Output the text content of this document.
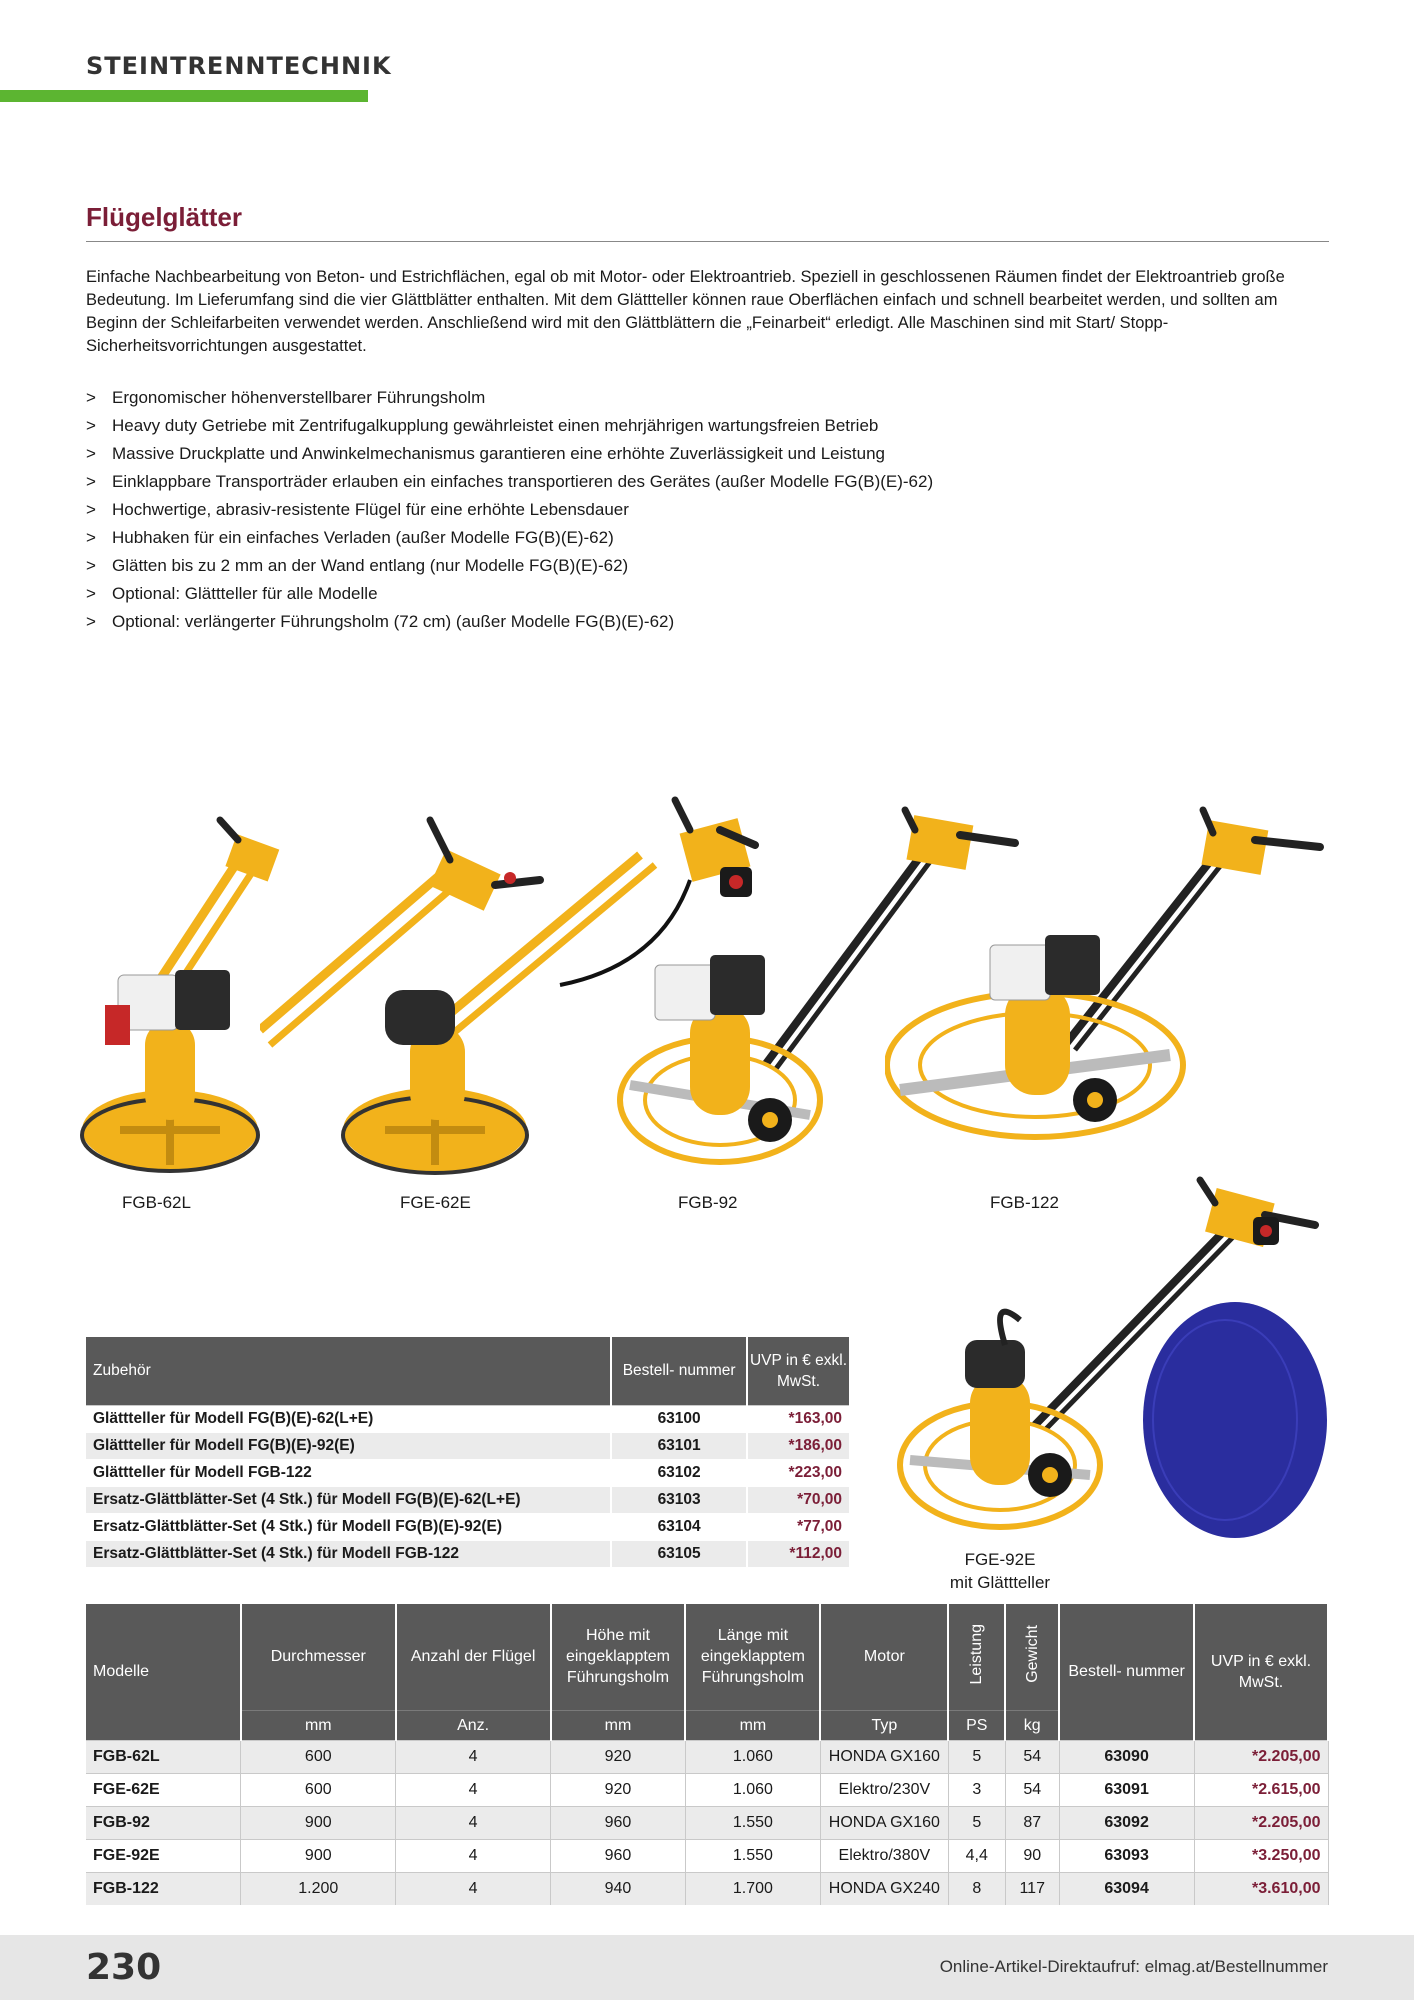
STEINTRENNTECHNIK
Flügelglätter

Einfache Nachbearbeitung von Beton- und Estrichflächen, egal ob mit Motor- oder Elektroantrieb. Speziell in geschlossenen Räumen findet der Elektroantrieb große Bedeutung. Im Lieferumfang sind die vier Glättblätter enthalten. Mit dem Glättteller können raue Oberflächen einfach und schnell bearbeitet werden, und sollten am Beginn der Schleifarbeiten verwendet werden. Anschließend wird mit den Glättblättern die „Feinarbeit“ erledigt. Alle Maschinen sind mit Start/ Stopp-Sicherheitsvorrichtungen ausgestattet.

> Ergonomischer höhenverstellbarer Führungsholm
> Heavy duty Getriebe mit Zentrifugalkupplung gewährleistet einen mehrjährigen wartungsfreien Betrieb
> Massive Druckplatte und Anwinkelmechanismus garantieren eine erhöhte Zuverlässigkeit und Leistung
> Einklappbare Transporträder erlauben ein einfaches transportieren des Gerätes (außer Modelle FG(B)(E)-62)
> Hochwertige, abrasiv-resistente Flügel für eine erhöhte Lebensdauer
> Hubhaken für ein einfaches Verladen (außer Modelle FG(B)(E)-62)
> Glätten bis zu 2 mm an der Wand entlang (nur Modelle FG(B)(E)-62)
> Optional: Glättteller für alle Modelle
> Optional: verlängerter Führungsholm (72 cm) (außer Modelle FG(B)(E)-62)
FGB-62L	FGE-62E	FGB-92	FGB-122
FGE-92E
mit Glättteller
Zubehör	Bestell- nummer	UVP in € exkl. MwSt.
Glättteller für Modell FG(B)(E)-62(L+E)	63100	*163,00
Glättteller für Modell FG(B)(E)-92(E)	63101	*186,00
Glättteller für Modell FGB-122	63102	*223,00
Ersatz-Glättblätter-Set (4 Stk.) für Modell FG(B)(E)-62(L+E)	63103	*70,00
Ersatz-Glättblätter-Set (4 Stk.) für Modell FG(B)(E)-92(E)	63104	*77,00
Ersatz-Glättblätter-Set (4 Stk.) für Modell FGB-122	63105	*112,00
Modelle	Durchmesser	Anzahl der Flügel	Höhe mit eingeklapptem Führungsholm	Länge mit eingeklapptem Führungsholm	Motor	Leistung	Gewicht	Bestell- nummer	UVP in € exkl. MwSt.
	mm	Anz.	mm	mm	Typ	PS	kg		
FGB-62L	600	4	920	1.060	HONDA GX160	5	54	63090	*2.205,00
FGE-62E	600	4	920	1.060	Elektro/230V	3	54	63091	*2.615,00
FGB-92	900	4	960	1.550	HONDA GX160	5	87	63092	*2.205,00
FGE-92E	900	4	960	1.550	Elektro/380V	4,4	90	63093	*3.250,00
FGB-122	1.200	4	940	1.700	HONDA GX240	8	117	63094	*3.610,00
230	Online-Artikel-Direktaufruf: elmag.at/Bestellnummer
